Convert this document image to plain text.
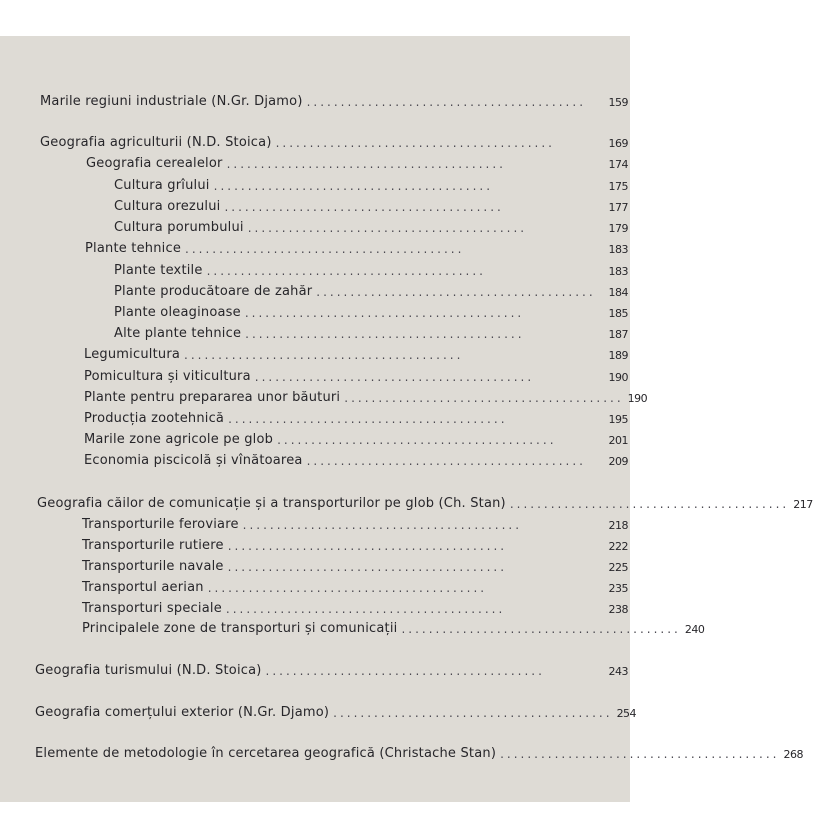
Marile regiuni industriale (N.Gr. Djamo) .........................................	159
Geografia agriculturii (N.D. Stoica) .........................................	169
Geografia cerealelor .........................................	174
Cultura grîului .........................................	175
Cultura orezului .........................................	177
Cultura porumbului .........................................	179
Plante tehnice .........................................	183
Plante textile .........................................	183
Plante producătoare de zahăr .........................................	184
Plante oleaginoase .........................................	185
Alte plante tehnice .........................................	187
Legumicultura .........................................	189
Pomicultura și viticultura .........................................	190
Plante pentru prepararea unor băuturi ......................................... 190
Producția zootehnică .........................................	195
Marile zone agricole pe glob .........................................	201
Economia piscicolă și vînătoarea .........................................	209
Geografia căilor de comunicație și a transporturilor pe glob (Ch. Stan) ......................................... 217
Transporturile feroviare .........................................	218
Transporturile rutiere .........................................	222
Transporturile navale .........................................	225
Transportul aerian .........................................	235
Transporturi speciale .........................................	238
Principalele zone de transporturi și comunicații ......................................... 240
Geografia turismului (N.D. Stoica) .........................................	243
Geografia comerțului exterior (N.Gr. Djamo) ......................................... 254
Elemente de metodologie în cercetarea geografică (Christache Stan) ......................................... 268
